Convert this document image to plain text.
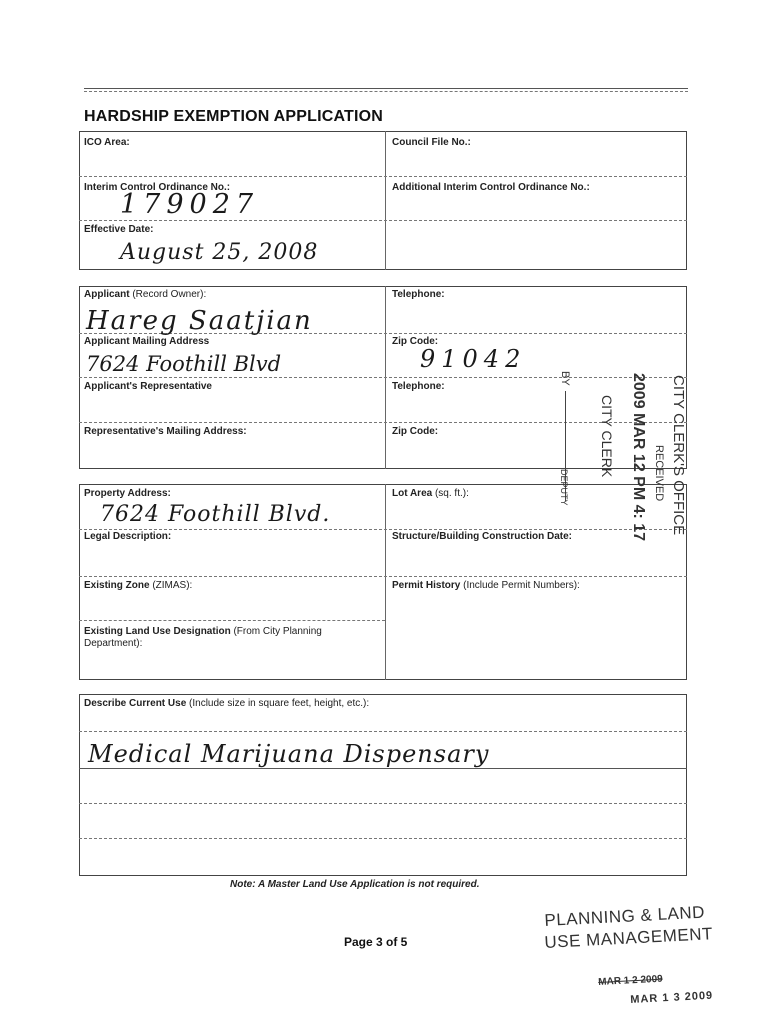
HARDSHIP EXEMPTION APPLICATION
ICO Area:	Council File No.:
Interim Control Ordinance No.:	Additional Interim Control Ordinance No.:
179027
Effective Date:
August 25, 2008
Applicant (Record Owner):	Telephone:
Hareg Saatjian
Applicant Mailing Address	Zip Code:
7624 Foothill Blvd	91042
Applicant's Representative	Telephone:
Representative's Mailing Address:	Zip Code:
Property Address:	Lot Area (sq. ft.):
7624 Foothill Blvd.
Legal Description:	Structure/Building Construction Date:
Existing Zone (ZIMAS):	Permit History (Include Permit Numbers):
Existing Land Use Designation (From City Planning
Department):
Describe Current Use (Include size in square feet, height, etc.):
Medical Marijuana Dispensary
Note: A Master Land Use Application is not required.
Page 3 of 5
RECEIVED CITY CLERK'S OFFICE
2009 MAR 12 PM 4: 17
CITY CLERK
BY
DEPUTY
PLANNING & LAND
USE MANAGEMENT
MAR 1 2 2009
MAR 1 3 2009
